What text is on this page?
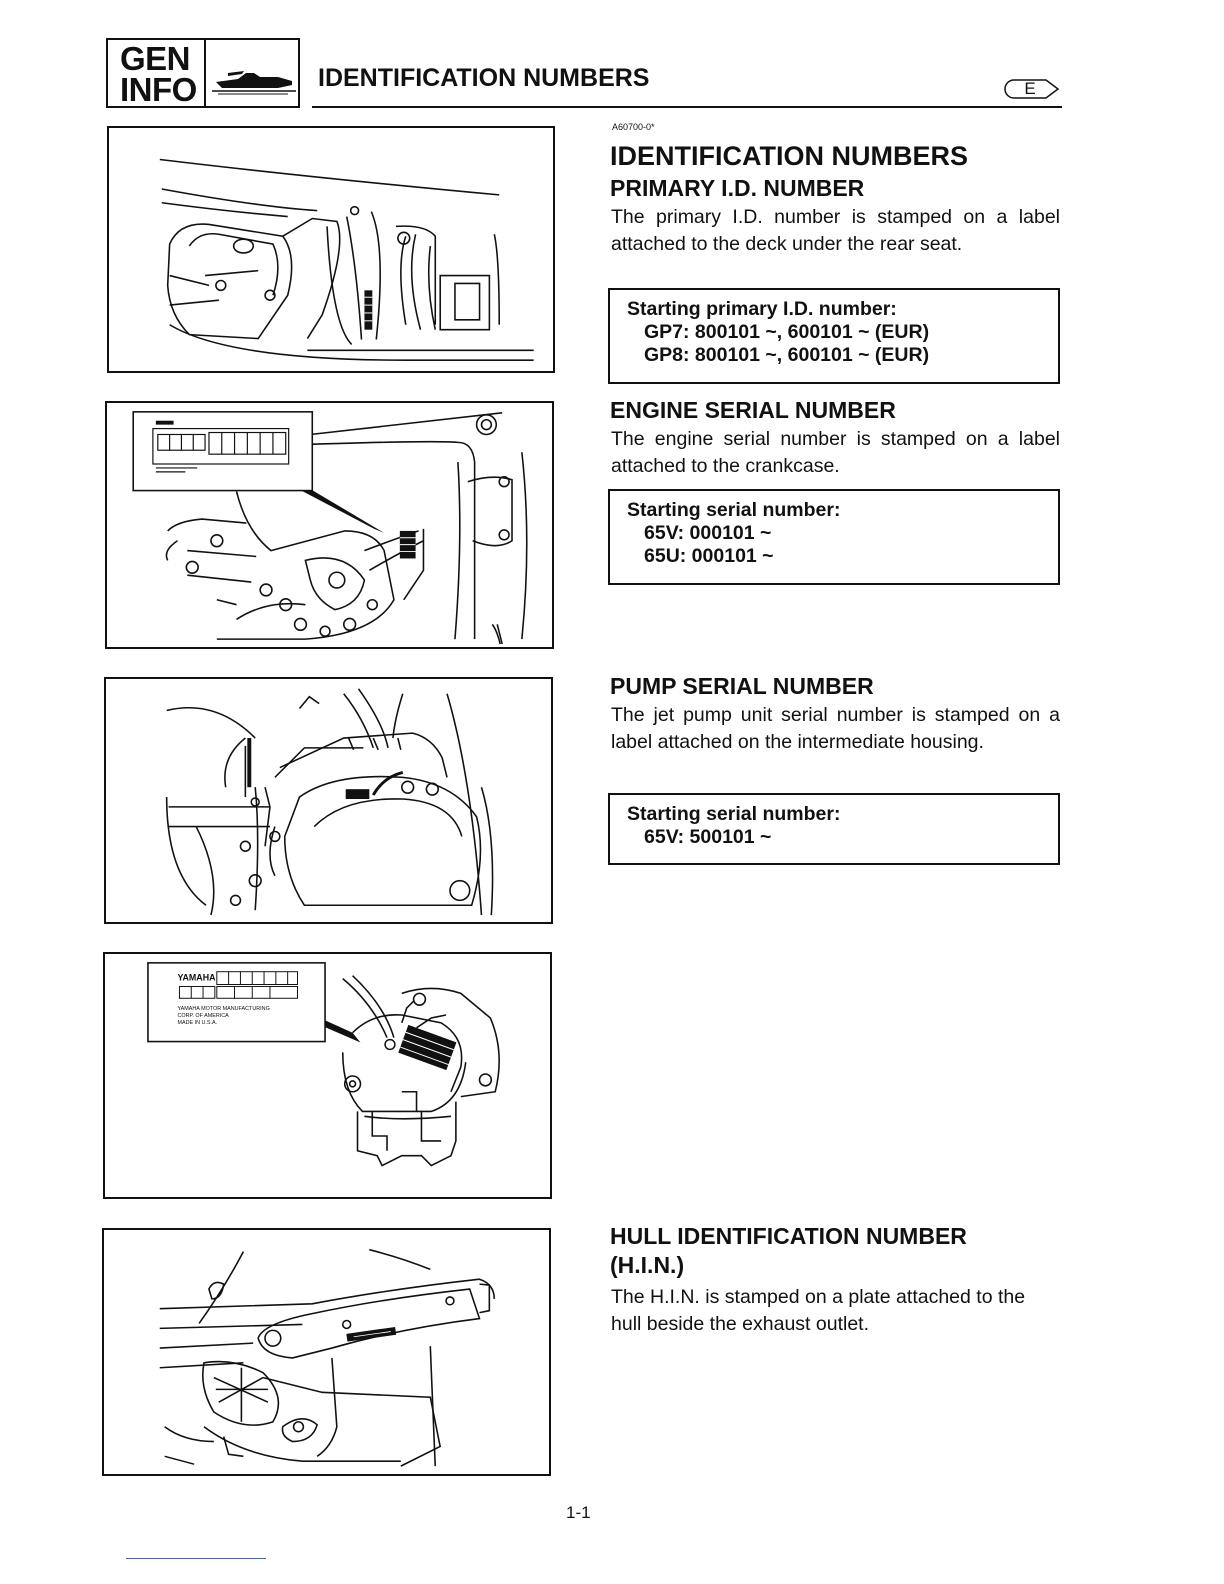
GEN
INFO	IDENTIFICATION NUMBERS	E
YAMAHA
YAMAHA MOTOR MANUFACTURING
CORP. OF AMERICA
MADE IN U.S.A.
A60700-0*
IDENTIFICATION NUMBERS
PRIMARY I.D. NUMBER
The primary I.D. number is stamped on a label attached to the deck under the rear seat.
Starting primary I.D. number:
GP7: 800101 ~, 600101 ~ (EUR)
GP8: 800101 ~, 600101 ~ (EUR)
ENGINE SERIAL NUMBER
The engine serial number is stamped on a label attached to the crankcase.
Starting serial number:
65V: 000101 ~
65U: 000101 ~
PUMP SERIAL NUMBER
The jet pump unit serial number is stamped on a label attached on the intermediate housing.
Starting serial number:
65V: 500101 ~
HULL IDENTIFICATION NUMBER
(H.I.N.)
The H.I.N. is stamped on a plate attached to the hull beside the exhaust outlet.
1-1
